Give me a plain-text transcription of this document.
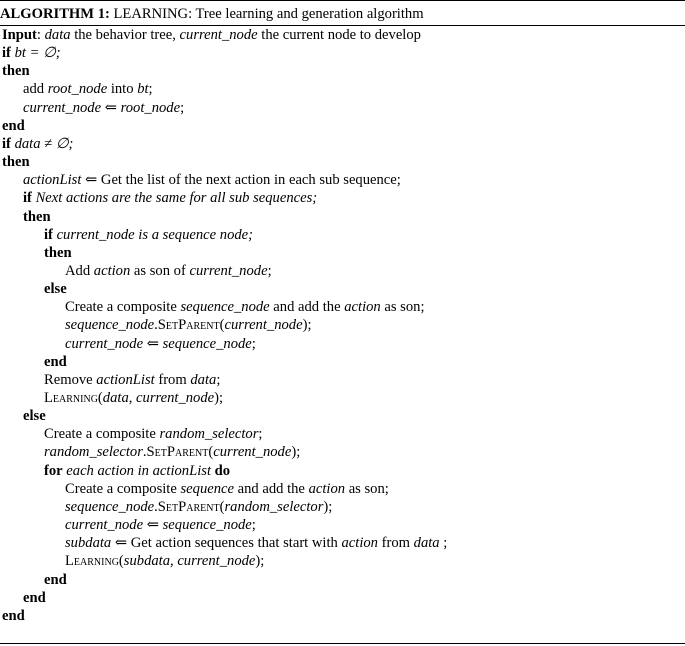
ALGORITHM 1: LEARNING: Tree learning and generation algorithm
Input: data the behavior tree, current_node the current node to develop
if bt = ∅;
then
add root_node into bt;
current_node ⇐ root_node;
end
if data ≠ ∅;
then
actionList ⇐ Get the list of the next action in each sub sequence;
if Next actions are the same for all sub sequences;
then
if current_node is a sequence node;
then
Add action as son of current_node;
else
Create a composite sequence_node and add the action as son;
sequence_node.SetParent(current_node);
current_node ⇐ sequence_node;
end
Remove actionList from data;
Learning(data, current_node);
else
Create a composite random_selector;
random_selector.SetParent(current_node);
for each action in actionList do
Create a composite sequence and add the action as son;
sequence_node.SetParent(random_selector);
current_node ⇐ sequence_node;
subdata ⇐ Get action sequences that start with action from data ;
Learning(subdata, current_node);
end
end
end
